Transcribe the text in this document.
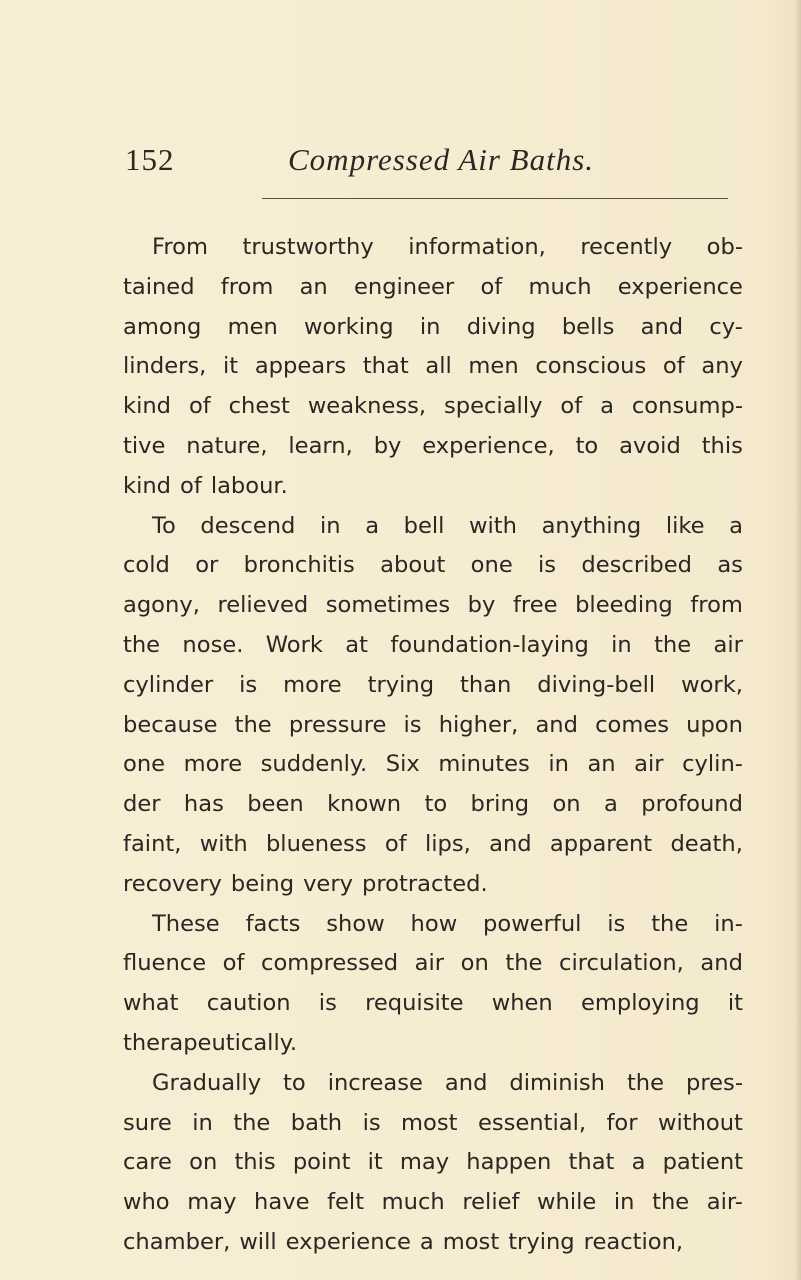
152	Compressed Air Baths.
From trustworthy information, recently ob-
tained from an engineer of much experience
among men working in diving bells and cy-
linders, it appears that all men conscious of any
kind of chest weakness, specially of a consump-
tive nature, learn, by experience, to avoid this
kind of labour.
To descend in a bell with anything like a
cold or bronchitis about one is described as
agony, relieved sometimes by free bleeding from
the nose. Work at foundation-laying in the air
cylinder is more trying than diving-bell work,
because the pressure is higher, and comes upon
one more suddenly. Six minutes in an air cylin-
der has been known to bring on a profound
faint, with blueness of lips, and apparent death,
recovery being very protracted.
These facts show how powerful is the in-
fluence of compressed air on the circulation, and
what caution is requisite when employing it
therapeutically.
Gradually to increase and diminish the pres-
sure in the bath is most essential, for without
care on this point it may happen that a patient
who may have felt much relief while in the air-
chamber, will experience a most trying reaction,
